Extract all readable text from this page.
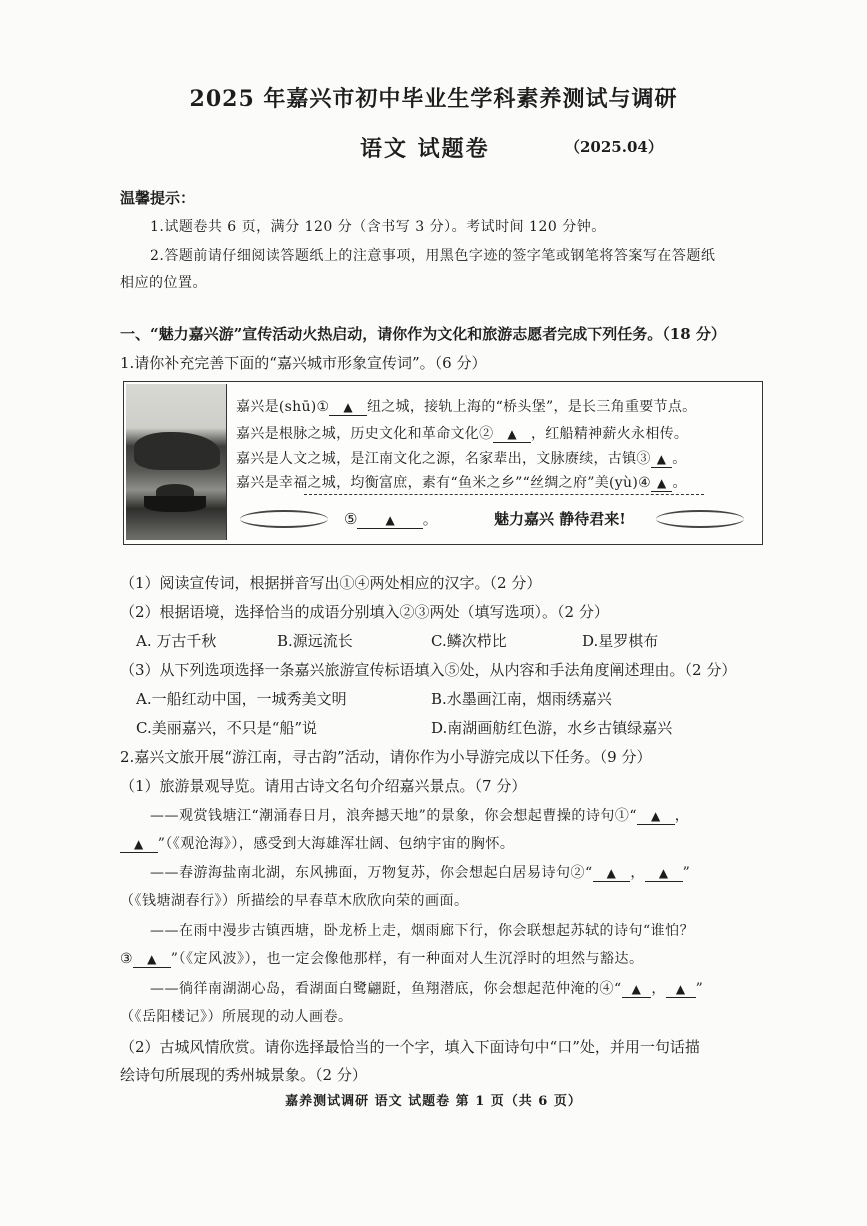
2025 年嘉兴市初中毕业生学科素养测试与调研
语文 试题卷	（2025.04）
温馨提示：
1.试题卷共 6 页，满分 120 分（含书写 3 分）。考试时间 120 分钟。
2.答题前请仔细阅读答题纸上的注意事项，用黑色字迹的签字笔或钢笔将答案写在答题纸
相应的位置。
一、“魅力嘉兴游”宣传活动火热启动，请你作为文化和旅游志愿者完成下列任务。（18 分）
1.请你补充完善下面的“嘉兴城市形象宣传词”。（6 分）
嘉兴是(shū)① ▲ 纽之城，接轨上海的“桥头堡”，是长三角重要节点。
嘉兴是根脉之城，历史文化和革命文化② ▲ ，红船精神薪火永相传。
嘉兴是人文之城，是江南文化之源，名家辈出，文脉赓续，古镇③ ▲ 。
嘉兴是幸福之城，均衡富庶，素有“鱼米之乡”“丝绸之府”美(yù)④ ▲ 。
⑤ ▲ 。	魅力嘉兴 静待君来!
（1）阅读宣传词，根据拼音写出①④两处相应的汉字。（2 分）
（2）根据语境，选择恰当的成语分别填入②③两处（填写选项）。（2 分）
A. 万古千秋	B.源远流长	C.鳞次栉比	D.星罗棋布
（3）从下列选项选择一条嘉兴旅游宣传标语填入⑤处，从内容和手法角度阐述理由。（2 分）
A.一船红动中国，一城秀美文明	B.水墨画江南，烟雨绣嘉兴
C.美丽嘉兴，不只是“船”说	D.南湖画舫红色游，水乡古镇绿嘉兴
2.嘉兴文旅开展“游江南，寻古韵”活动，请你作为小导游完成以下任务。（9 分）
（1）旅游景观导览。请用古诗文名句介绍嘉兴景点。（7 分）
——观赏钱塘江“潮涌春日月，浪奔撼天地”的景象，你会想起曹操的诗句①“ ▲ ，
▲ ”（《观沧海》），感受到大海雄浑壮阔、包纳宇宙的胸怀。
——春游海盐南北湖，东风拂面，万物复苏，你会想起白居易诗句②“ ▲ ， ▲ ”
（《钱塘湖春行》）所描绘的早春草木欣欣向荣的画面。
——在雨中漫步古镇西塘，卧龙桥上走，烟雨廊下行，你会联想起苏轼的诗句“谁怕？
③ ▲ ”（《定风波》），也一定会像他那样，有一种面对人生沉浮时的坦然与豁达。
——徜徉南湖湖心岛，看湖面白鹭翩跹，鱼翔潜底，你会想起范仲淹的④“ ▲ ， ▲ ”
（《岳阳楼记》）所展现的动人画卷。
（2）古城风情欣赏。请你选择最恰当的一个字，填入下面诗句中“口”处，并用一句话描
绘诗句所展现的秀州城景象。（2 分）
嘉养测试调研 语文 试题卷 第 1 页（共 6 页）
